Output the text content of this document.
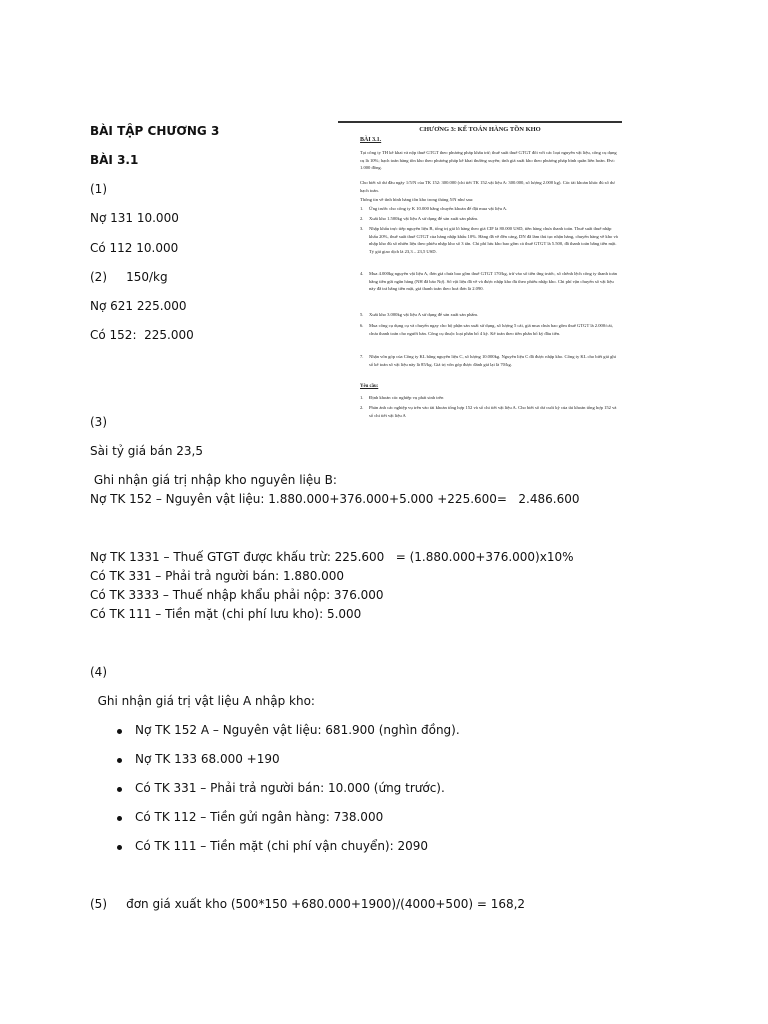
BÀI TẬP CHƯƠNG 3
BÀI 3.1
(1)
Nợ 131 10.000
Có 112 10.000
(2)     150/kg
Nợ 621 225.000
Có 152:  225.000
(3)
Sài tỷ giá bán 23,5
Ghi nhận giá trị nhập kho nguyên liệu B:
Nợ TK 152 – Nguyên vật liệu: 1.880.000+376.000+5.000 +225.600=   2.486.600
Nợ TK 1331 – Thuế GTGT được khấu trừ: 225.600   = (1.880.000+376.000)x10%
Có TK 331 – Phải trả người bán: 1.880.000
Có TK 3333 – Thuế nhập khẩu phải nộp: 376.000
Có TK 111 – Tiền mặt (chi phí lưu kho): 5.000
(4)
Ghi nhận giá trị vật liệu A nhập kho:
Nợ TK 152 A – Nguyên vật liệu: 681.900 (nghìn đồng).
Nợ TK 133 68.000 +190
Có TK 331 – Phải trả người bán: 10.000 (ứng trước).
Có TK 112 – Tiền gửi ngân hàng: 738.000
Có TK 111 – Tiền mặt (chi phí vận chuyển): 2090
(5)     đơn giá xuất kho (500*150 +680.000+1900)/(4000+500) = 168,2
CHƯƠNG 3: KẾ TOÁN HÀNG TỒN KHO
BÀI 3.1.
Tại công ty TH kê khai và nộp thuế GTGT theo phương pháp khấu trừ; thuế suất thuế GTGT đối với các loại nguyên vật liệu, công cụ dụng cụ là 10%; hạch toán hàng tồn kho theo phương pháp kê khai thường xuyên; tính giá xuất kho theo phương pháp bình quân liên hoàn. Đvt: 1.000 đồng.
Cho biết số dư đầu ngày 1/5/N của TK 152: 300.000 (chi tiết TK 152.vật liệu A: 300.000, số lượng 2.000 kg). Các tài khoản khác đủ số dư hạch toán.
Thông tin về tình hình hàng tồn kho trong tháng 5/N như sau:
1. Ứng trước cho công ty K 10.000 bằng chuyển khoản để đặt mua vật liệu A.
2. Xuất kho 1.500kg vật liệu A sử dụng để sản xuất sản phẩm.
3. Nhập khẩu trực tiếp nguyên liệu B, tổng trị giá lô hàng theo giá CIF là 80.000 USD, tiền hàng chưa thanh toán. Thuế suất thuế nhập khẩu 20%, thuế suất thuế GTGT của hàng nhập khẩu 10%. Hàng đã về đến cảng, DN đã làm thủ tục nhận hàng, chuyển hàng về kho và nhập kho đủ số nhiên liệu theo phiếu nhập kho số 3 tấn. Chi phí lưu kho bao gồm cả thuế GTGT là 5.500, đã thanh toán bằng tiền mặt. Tỷ giá giao dịch là 23,3 – 23,5 USD.
4. Mua 4.000kg nguyên vật liệu A, đơn giá chưa bao gồm thuế GTGT 170/kg, trừ vào số tiền ứng trước, số chênh lệch công ty thanh toán bằng tiền gửi ngân hàng (NH đã báo Nợ). Số vật liệu đã về và được nhập kho đủ theo phiếu nhập kho. Chi phí vận chuyển số vật liệu này đã trả bằng tiền mặt, giá thanh toán theo hoá đơn là 2.090.
5. Xuất kho 3.000kg vật liệu A sử dụng để sản xuất sản phẩm.
6. Mua công cụ dụng cụ và chuyển ngay cho bộ phận sản xuất sử dụng, số lượng 5 cái, giá mua chưa bao gồm thuế GTGT là 2.000/cái, chưa thanh toán cho người bán. Công cụ thuộc loại phân bổ 4 kỳ. Kế toán theo tiền phân bổ kỳ đầu tiên.
7. Nhận vốn góp của Công ty KL bằng nguyên liệu C, số lượng 10.000kg. Nguyên liệu C đã được nhập kho. Công ty KL cho biết giá ghi sổ kế toán số vật liệu này là 85/kg. Giá trị vốn góp được đánh giá lại là 70/kg.
Yêu cầu:
1. Định khoản các nghiệp vụ phát sinh trên
2. Phản ánh các nghiệp vụ trên vào tài khoản tổng hợp 152 và sổ chi tiết vật liệu A. Cho biết số dư cuối kỳ của tài khoản tổng hợp 152 và sổ chi tiết vật liệu A
